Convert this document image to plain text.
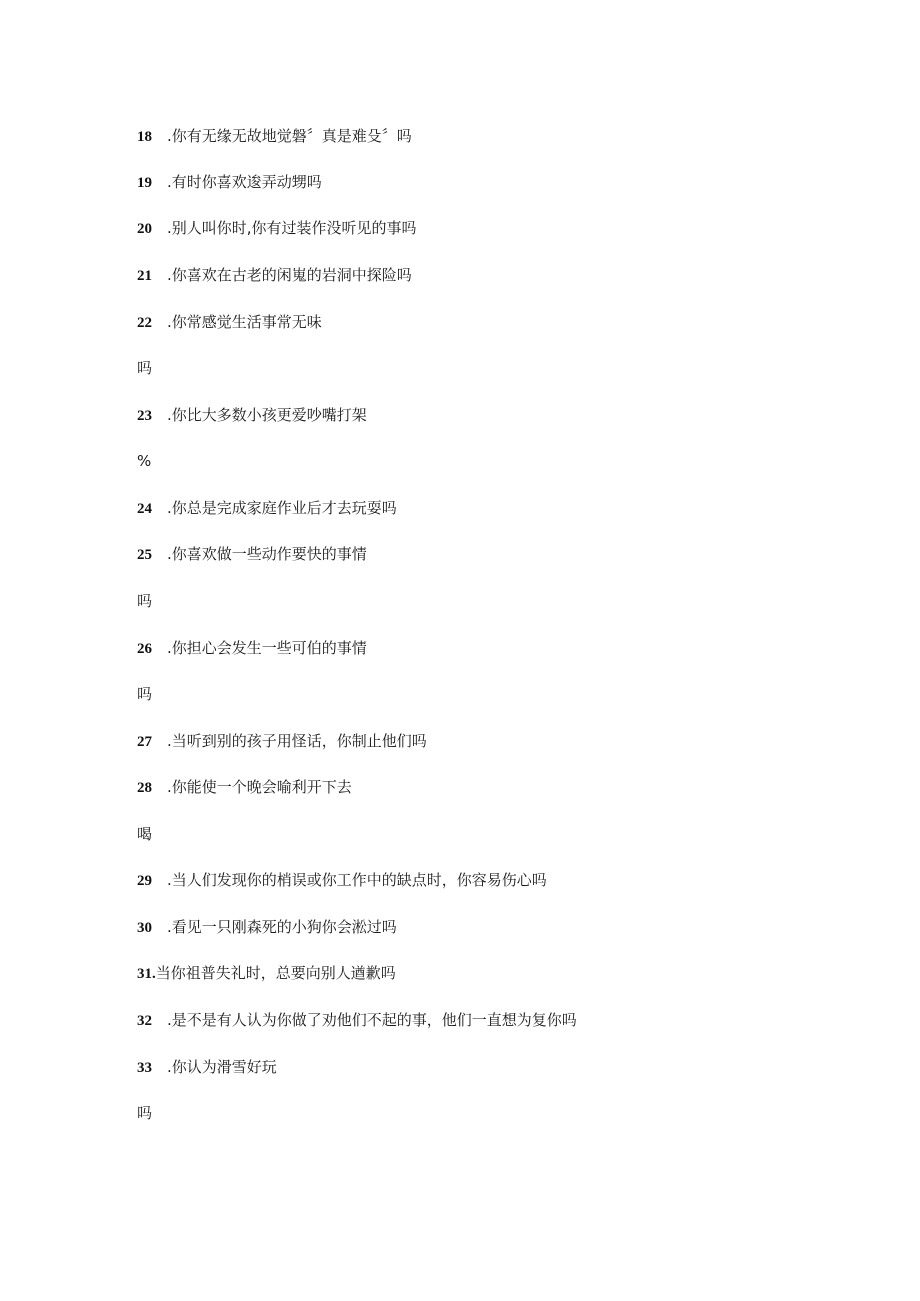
18 .你有无缘无故地觉磐〞真是难殳〞吗
19 .有时你喜欢逡弄动甥吗
20 .别人叫你时,你有过装作没听见的事吗
21 .你喜欢在古老的闲嵬的岩洞中探险吗
22 .你常感觉生活事常无味
吗
23 .你比大多数小孩更爱吵嘴打架
%
24 .你总是完成家庭作业后才去玩耍吗
25 .你喜欢做一些动作要快的事情
吗
26 .你担心会发生一些可伯的事情
吗
27 .当听到别的孩子用怪话，你制止他们吗
28 .你能使一个晚会喻利开下去
喝
29 .当人们发现你的梢误或你工作中的缺点时，你容易伤心吗
30 .看见一只刚森死的小狗你会淞过吗
31.当你祖普失礼时，总要向别人遒歉吗
32 .是不是有人认为你做了劝他们不起的事，他们一直想为复你吗
33 .你认为滑雪好玩
吗
